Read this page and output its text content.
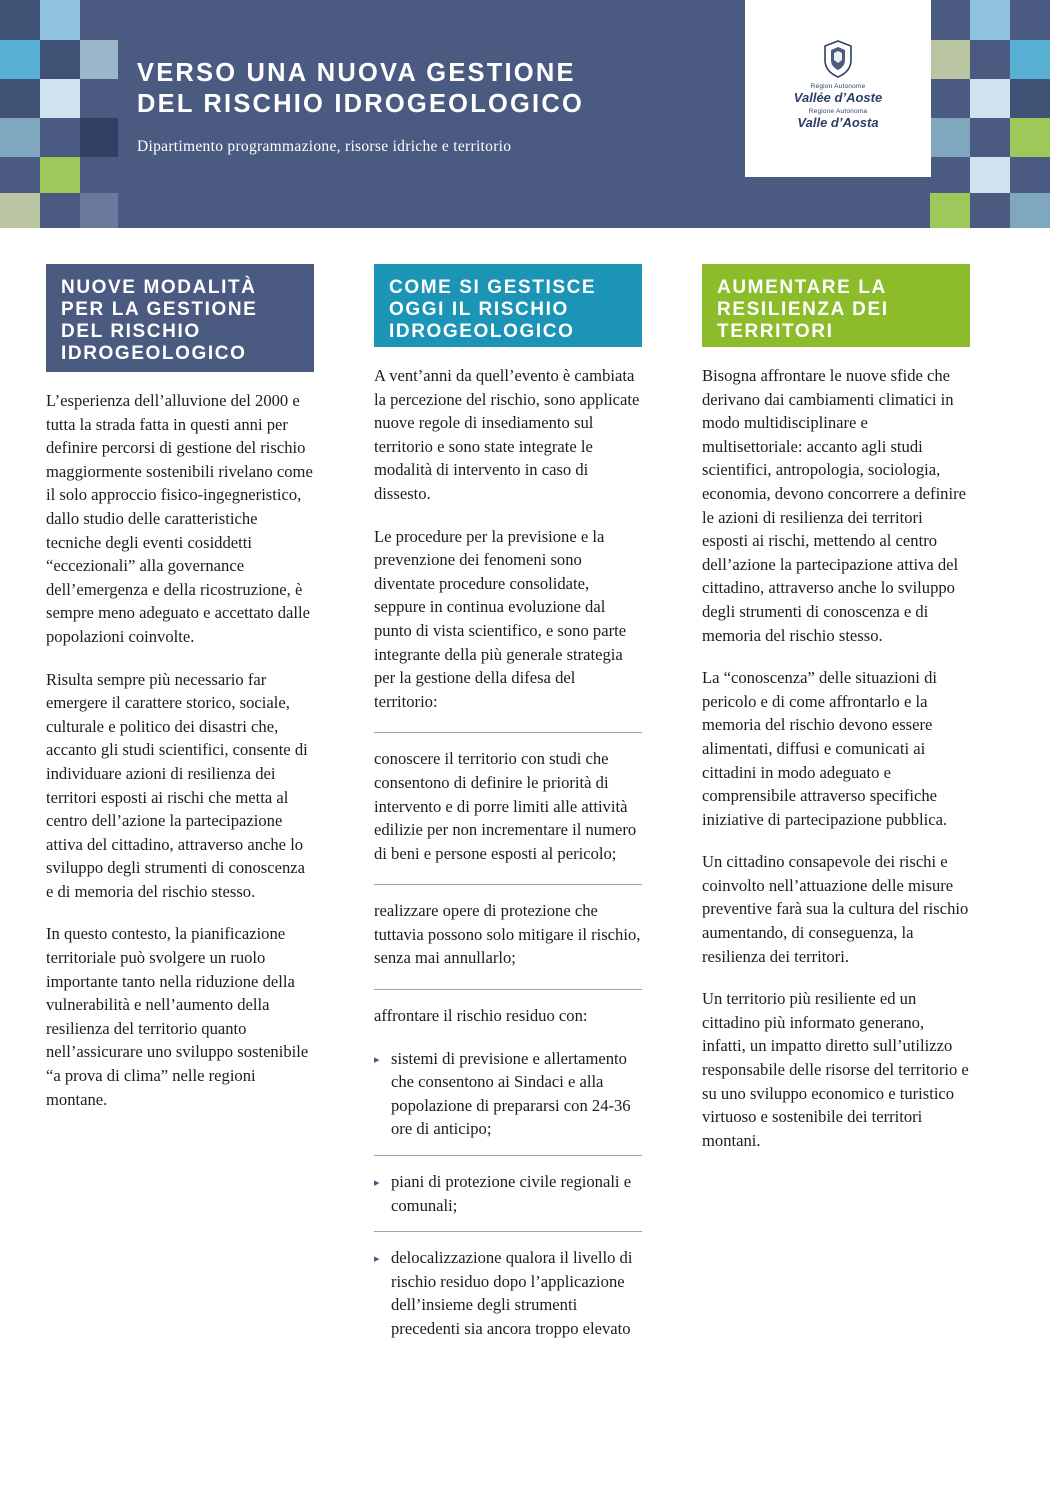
VERSO UNA NUOVA GESTIONE
DEL RISCHIO IDROGEOLOGICO
Dipartimento programmazione, risorse idriche e territorio
Région Autonome
Vallée d’Aoste
Regione Autonoma
Valle d’Aosta
NUOVE MODALITÀ PER LA GESTIONE DEL RISCHIO IDROGEOLOGICO

L’esperienza dell’alluvione del 2000 e tutta la strada fatta in questi anni per definire percorsi di gestione del rischio maggiormente sostenibili rivelano come il solo approccio fisico-ingegneristico, dallo studio delle caratteristiche tecniche degli eventi cosiddetti “eccezionali” alla governance dell’emergenza e della ricostruzione, è sempre meno adeguato e accettato dalle popolazioni coinvolte.

Risulta sempre più necessario far emergere il carattere storico, sociale, culturale e politico dei disastri che, accanto gli studi scientifici, consente di individuare azioni di resilienza dei territori esposti ai rischi che metta al centro dell’azione la partecipazione attiva del cittadino, attraverso anche lo sviluppo degli strumenti di conoscenza e di memoria del rischio stesso.

In questo contesto, la pianificazione territoriale può svolgere un ruolo importante tanto nella riduzione della vulnerabilità e nell’aumento della resilienza del territorio quanto nell’assicurare uno sviluppo sostenibile “a prova di clima” nelle regioni montane.

COME SI GESTISCE OGGI IL RISCHIO IDROGEOLOGICO

A vent’anni da quell’evento è cambiata la percezione del rischio, sono applicate nuove regole di insediamento sul territorio e sono state integrate le modalità di intervento in caso di dissesto.

Le procedure per la previsione e la prevenzione dei fenomeni sono diventate procedure consolidate, seppure in continua evoluzione dal punto di vista scientifico, e sono parte integrante della più generale strategia per la gestione della difesa del territorio:

conoscere il territorio con studi che consentono di definire le priorità di intervento e di porre limiti alle attività edilizie per non incrementare il numero di beni e persone esposti al pericolo;

realizzare opere di protezione che tuttavia possono solo mitigare il rischio, senza mai annullarlo;

affrontare il rischio residuo con:

▸ sistemi di previsione e allertamento che consentono ai Sindaci e alla popolazione di prepararsi con 24-36 ore di anticipo;
▸ piani di protezione civile regionali e comunali;
▸ delocalizzazione qualora il livello di rischio residuo dopo l’applicazione dell’insieme degli strumenti precedenti sia ancora troppo elevato
AUMENTARE LA RESILIENZA DEI TERRITORI

Bisogna affrontare le nuove sfide che derivano dai cambiamenti climatici in modo multidisciplinare e multisettoriale: accanto agli studi scientifici, antropologia, sociologia, economia, devono concorrere a definire le azioni di resilienza dei territori esposti ai rischi, mettendo al centro dell’azione la partecipazione attiva del cittadino, attraverso anche lo sviluppo degli strumenti di conoscenza e di memoria del rischio stesso.

La “conoscenza” delle situazioni di pericolo e di come affrontarlo e la memoria del rischio devono essere alimentati, diffusi e comunicati ai cittadini in modo adeguato e comprensibile attraverso specifiche iniziative di partecipazione pubblica.

Un cittadino consapevole dei rischi e coinvolto nell’attuazione delle misure preventive farà sua la cultura del rischio aumentando, di conseguenza, la resilienza dei territori.

Un territorio più resiliente ed un cittadino più informato generano, infatti, un impatto diretto sull’utilizzo responsabile delle risorse del territorio e su uno sviluppo economico e turistico virtuoso e sostenibile dei territori montani.
